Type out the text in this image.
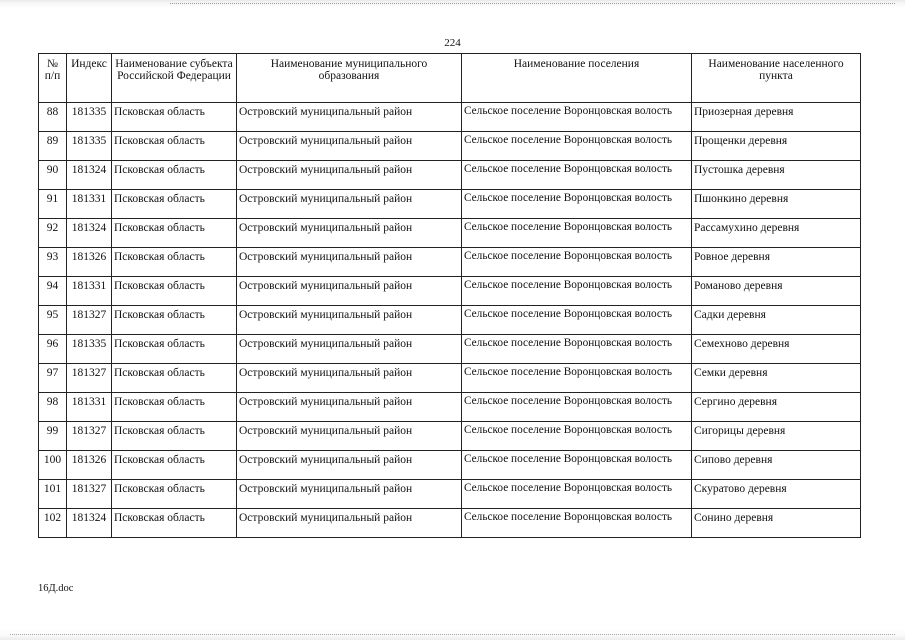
224
№ п/п	Индекс	Наименование субъекта Российской Федерации	Наименование муниципального образования	Наименование поселения	Наименование населенного пункта
88	181335	Псковская область	Островский муниципальный район	Сельское поселение Воронцовская волость	Приозерная деревня
89	181335	Псковская область	Островский муниципальный район	Сельское поселение Воронцовская волость	Прощенки деревня
90	181324	Псковская область	Островский муниципальный район	Сельское поселение Воронцовская волость	Пустошка деревня
91	181331	Псковская область	Островский муниципальный район	Сельское поселение Воронцовская волость	Пшонкино деревня
92	181324	Псковская область	Островский муниципальный район	Сельское поселение Воронцовская волость	Рассамухино деревня
93	181326	Псковская область	Островский муниципальный район	Сельское поселение Воронцовская волость	Ровное деревня
94	181331	Псковская область	Островский муниципальный район	Сельское поселение Воронцовская волость	Романово деревня
95	181327	Псковская область	Островский муниципальный район	Сельское поселение Воронцовская волость	Садки деревня
96	181335	Псковская область	Островский муниципальный район	Сельское поселение Воронцовская волость	Семехново деревня
97	181327	Псковская область	Островский муниципальный район	Сельское поселение Воронцовская волость	Семки деревня
98	181331	Псковская область	Островский муниципальный район	Сельское поселение Воронцовская волость	Сергино деревня
99	181327	Псковская область	Островский муниципальный район	Сельское поселение Воронцовская волость	Сигорицы деревня
100	181326	Псковская область	Островский муниципальный район	Сельское поселение Воронцовская волость	Сипово деревня
101	181327	Псковская область	Островский муниципальный район	Сельское поселение Воронцовская волость	Скуратово деревня
102	181324	Псковская область	Островский муниципальный район	Сельское поселение Воронцовская волость	Сонино деревня
16Д.doc
